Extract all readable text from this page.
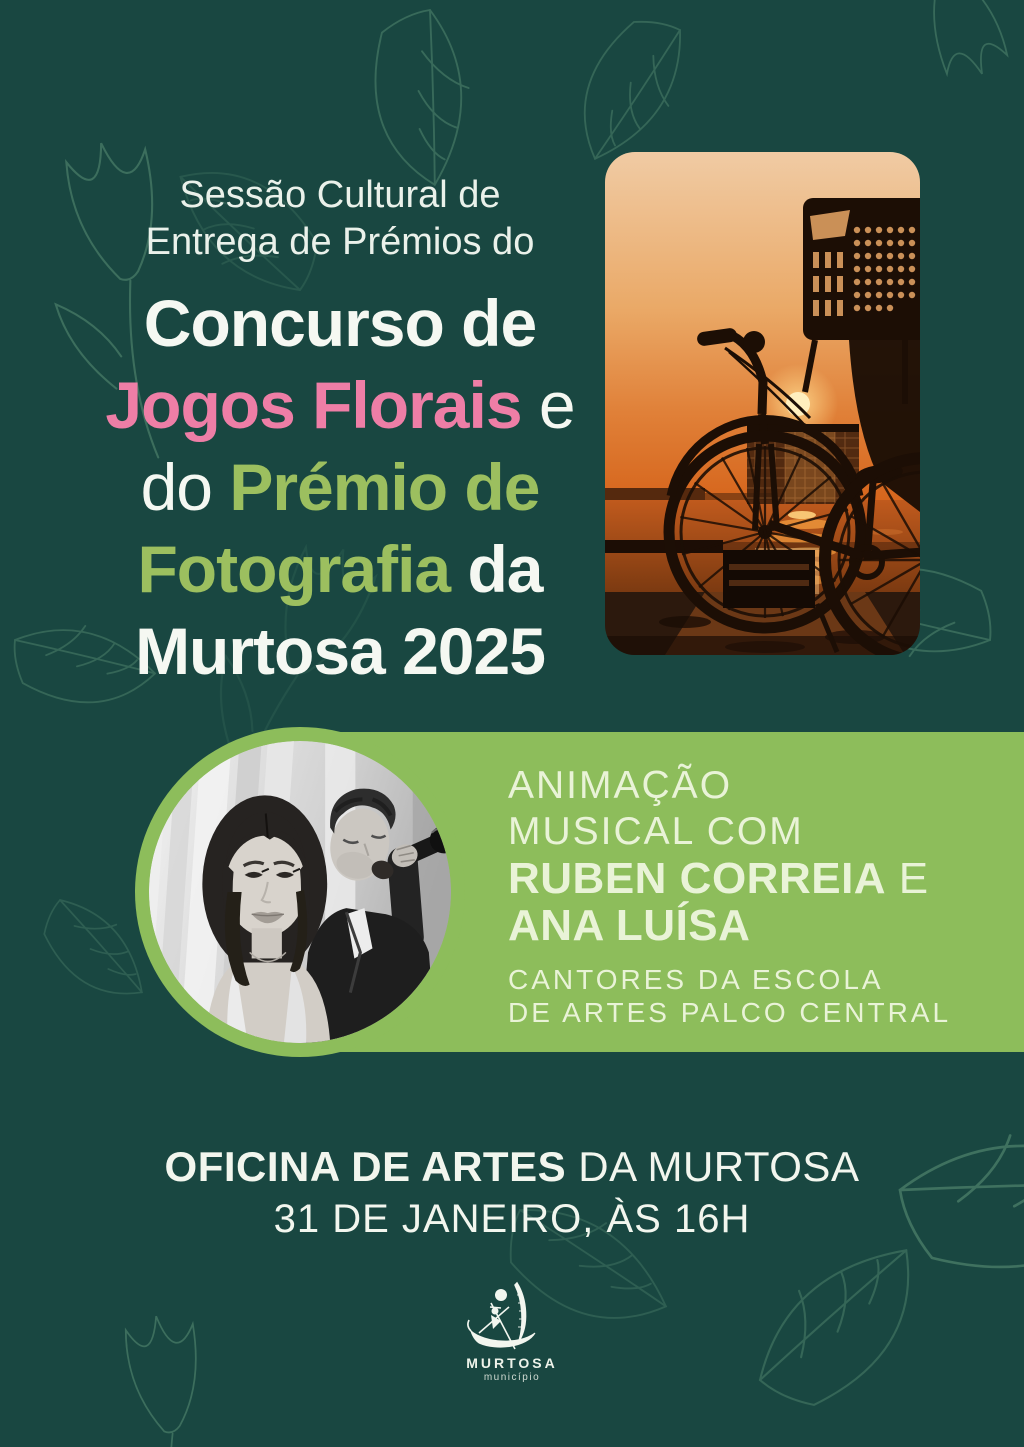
Sessão Cultural de
Entrega de Prémios do
Concurso de
Jogos Florais e
do Prémio de
Fotografia da
Murtosa 2025
ANIMAÇÃO
MUSICAL COM
RUBEN CORREIA E
ANA LUÍSA
CANTORES DA ESCOLA
DE ARTES PALCO CENTRAL
OFICINA DE ARTES DA MURTOSA
31 DE JANEIRO, ÀS 16H
MURTOSA
município
